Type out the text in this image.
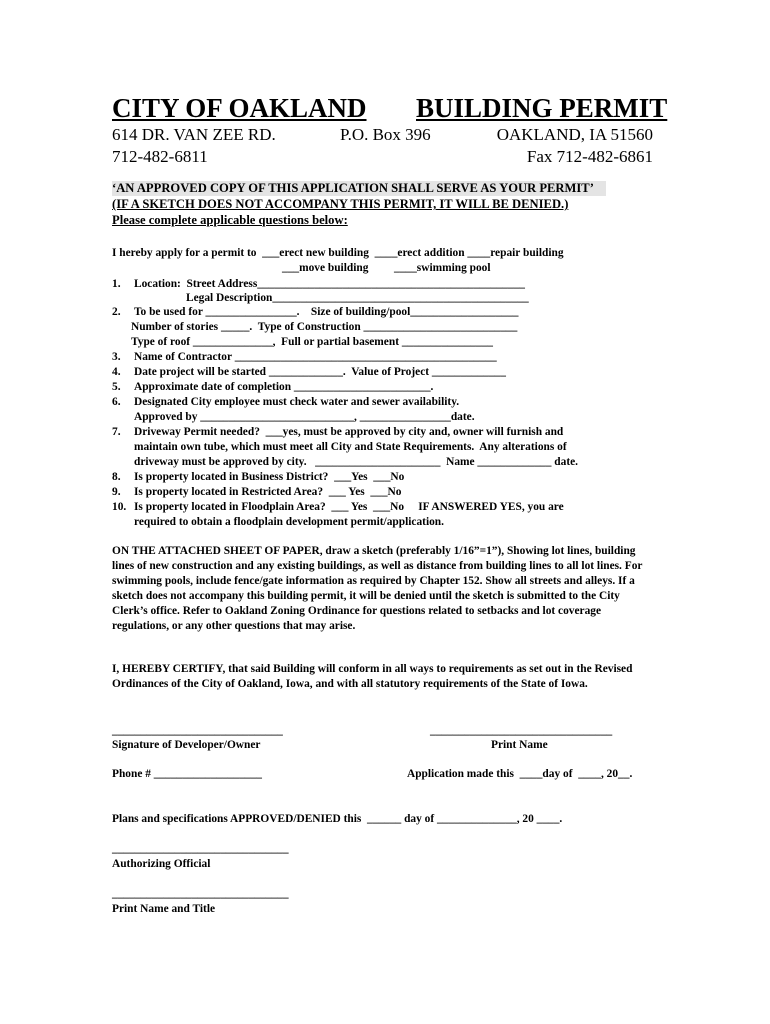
CITY OF OAKLAND BUILDING PERMIT
614 DR. VAN ZEE RD.	P.O. Box 396	OAKLAND, IA 51560
712-482-6811	Fax 712-482-6861
‘AN APPROVED COPY OF THIS APPLICATION SHALL SERVE AS YOUR PERMIT’
(IF A SKETCH DOES NOT ACCOMPANY THIS PERMIT, IT WILL BE DENIED.)
Please complete applicable questions below:
I hereby apply for a permit to  ___erect new building  ____erect addition ____repair building
___move building         ____swimming pool
1. Location:  Street Address_______________________________________________
Legal Description_____________________________________________
2. To be used for ________________.    Size of building/pool___________________
Number of stories _____.  Type of Construction ___________________________
Type of roof ______________,  Full or partial basement ________________
3. Name of Contractor ______________________________________________
4. Date project will be started _____________.  Value of Project _____________
5. Approximate date of completion ________________________.
6. Designated City employee must check water and sewer availability.
Approved by ___________________________, ________________date.
7. Driveway Permit needed?  ___yes, must be approved by city and, owner will furnish and
maintain own tube, which must meet all City and State Requirements.  Any alterations of
driveway must be approved by city.   ______________________  Name _____________ date.
8. Is property located in Business District?  ___Yes  ___No
9. Is property located in Restricted Area?  ___ Yes  ___No
10. Is property located in Floodplain Area?  ___ Yes  ___No     IF ANSWERED YES, you are
required to obtain a floodplain development permit/application.
ON THE ATTACHED SHEET OF PAPER, draw a sketch (preferably 1/16”=1”), Showing lot lines, building lines of new construction and any existing buildings, as well as distance from building lines to all lot lines. For swimming pools, include fence/gate information as required by Chapter 152. Show all streets and alleys. If a sketch does not accompany this building permit, it will be denied until the sketch is submitted to the City Clerk’s office. Refer to Oakland Zoning Ordinance for questions related to setbacks and lot coverage regulations, or any other questions that may arise.
I, HEREBY CERTIFY, that said Building will conform in all ways to requirements as set out in the Revised Ordinances of the City of Oakland, Iowa, and with all statutory requirements of the State of Iowa.
______________________________	________________________________
Signature of Developer/Owner	Print Name
Phone # ___________________	Application made this  ____day of  ____, 20__.
Plans and specifications APPROVED/DENIED this  ______ day of ______________, 20 ____.
_______________________________
Authorizing Official
_______________________________
Print Name and Title
